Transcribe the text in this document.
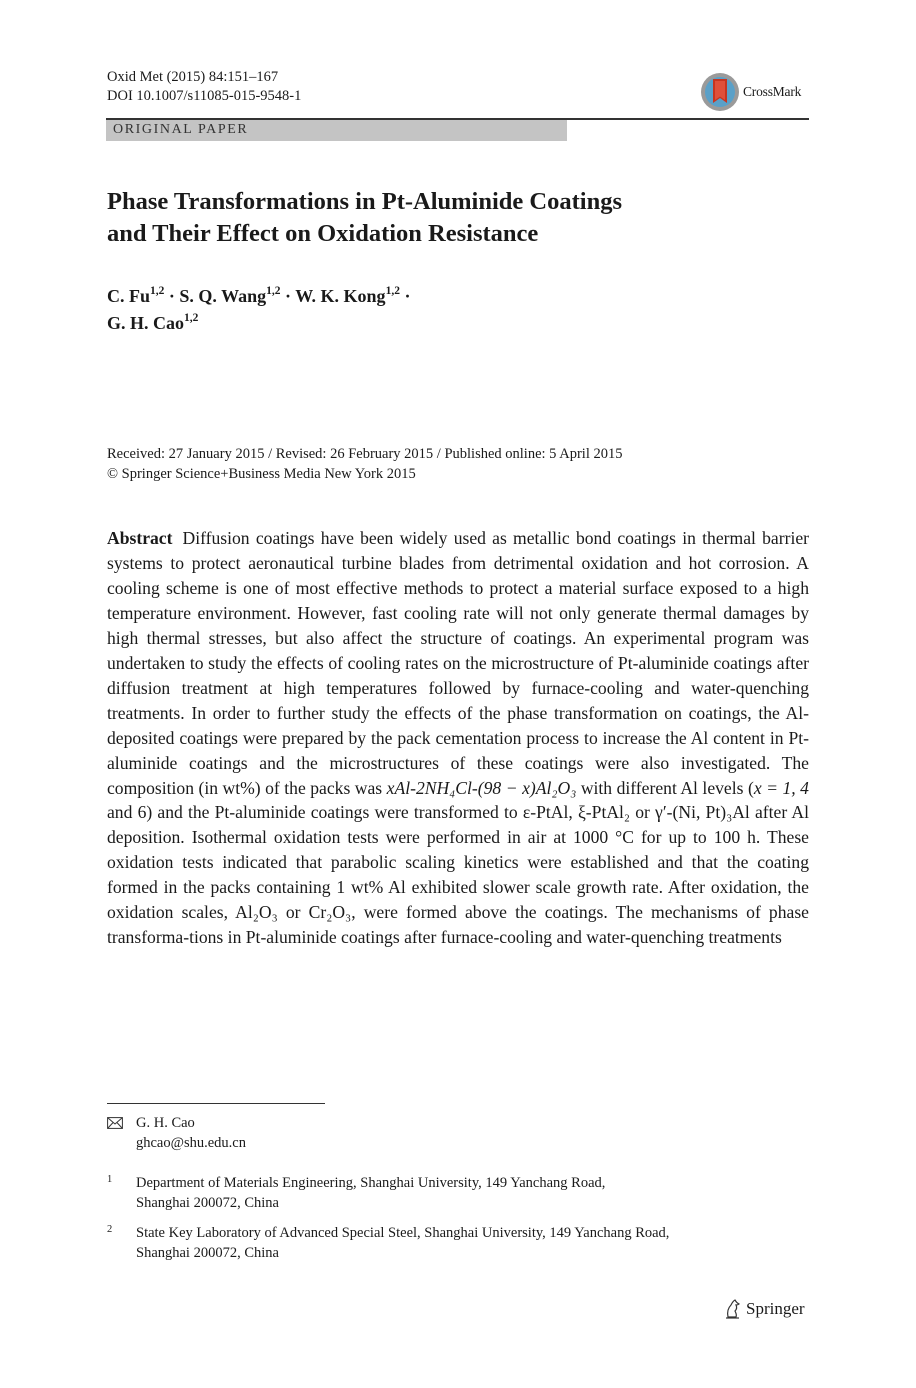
Oxid Met (2015) 84:151–167
DOI 10.1007/s11085-015-9548-1	CrossMark
ORIGINAL PAPER
Phase Transformations in Pt-Aluminide Coatings
and Their Effect on Oxidation Resistance
C. Fu$^{1,2}$ · S. Q. Wang$^{1,2}$ · W. K. Kong$^{1,2}$ ·
G. H. Cao$^{1,2}$
Received: 27 January 2015 / Revised: 26 February 2015 / Published online: 5 April 2015
© Springer Science+Business Media New York 2015
Abstract Diffusion coatings have been widely used as metallic bond coatings in thermal barrier systems to protect aeronautical turbine blades from detrimental oxidation and hot corrosion. A cooling scheme is one of most effective methods to protect a material surface exposed to a high temperature environment. However, fast cooling rate will not only generate thermal damages by high thermal stresses, but also affect the structure of coatings. An experimental program was undertaken to study the effects of cooling rates on the microstructure of Pt-aluminide coatings after diffusion treatment at high temperatures followed by furnace-cooling and water-quenching treatments. In order to further study the effects of the phase transformation on coatings, the Al-deposited coatings were prepared by the pack cementation process to increase the Al content in Pt-aluminide coatings and the microstructures of these coatings were also investigated. The composition (in wt%) of the packs was xAl-2NH₄Cl-(98 − x)Al₂O₃ with different Al levels (x = 1, 4 and 6) and the Pt-aluminide coatings were transformed to ε-PtAl, ξ-PtAl₂ or γ′-(Ni, Pt)₃Al after Al deposition. Isothermal oxidation tests were performed in air at 1000 °C for up to 100 h. These oxidation tests indicated that parabolic scaling kinetics were established and that the coating formed in the packs containing 1 wt% Al exhibited slower scale growth rate. After oxidation, the oxidation scales, Al₂O₃ or Cr₂O₃, were formed above the coatings. The mechanisms of phase transforma-tions in Pt-aluminide coatings after furnace-cooling and water-quenching treatments
G. H. Cao
ghcao@shu.edu.cn
1 Department of Materials Engineering, Shanghai University, 149 Yanchang Road,
Shanghai 200072, China
2 State Key Laboratory of Advanced Special Steel, Shanghai University, 149 Yanchang Road,
Shanghai 200072, China
Springer
